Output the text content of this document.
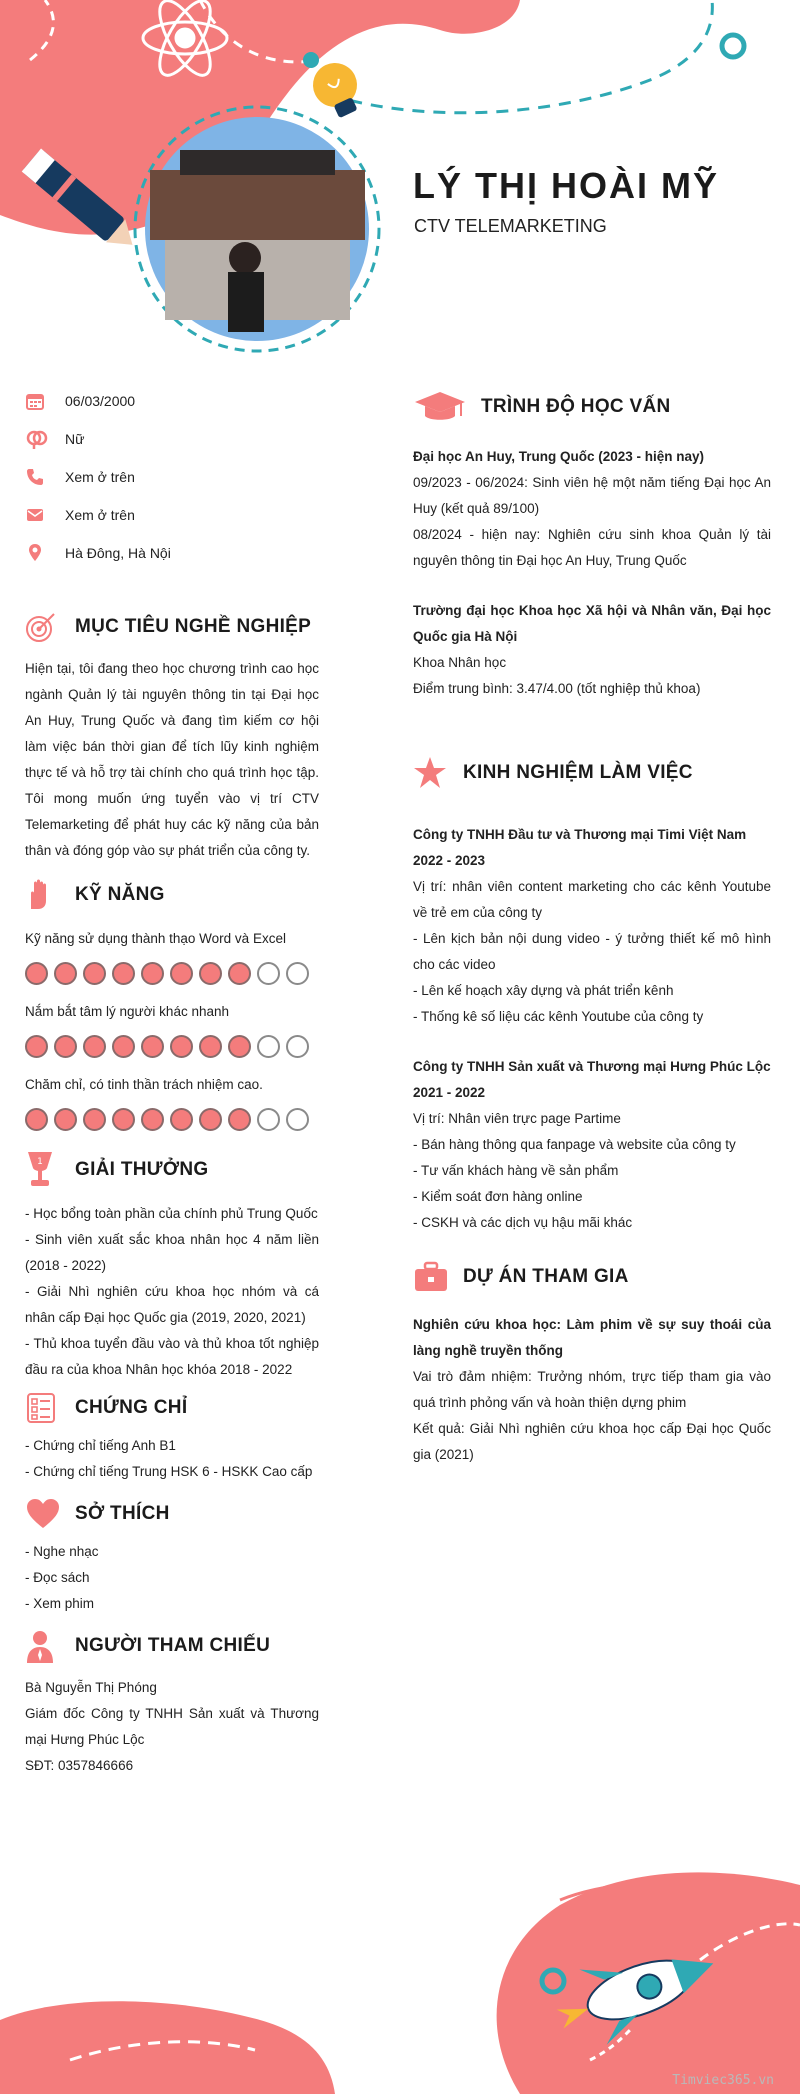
LÝ THỊ HOÀI MỸ
CTV TELEMARKETING
06/03/2000
Nữ
Xem ở trên
Xem ở trên
Hà Đông, Hà Nội
MỤC TIÊU NGHỀ NGHIỆP

Hiện tại, tôi đang theo học chương trình cao học ngành Quản lý tài nguyên thông tin tại Đại học An Huy, Trung Quốc và đang tìm kiếm cơ hội làm việc bán thời gian để tích lũy kinh nghiệm thực tế và hỗ trợ tài chính cho quá trình học tập. Tôi mong muốn ứng tuyển vào vị trí CTV Telemarketing để phát huy các kỹ năng của bản thân và đóng góp vào sự phát triển của công ty.

KỸ NĂNG
Kỹ năng sử dụng thành thạo Word và Excel
Nắm bắt tâm lý người khác nhanh
Chăm chỉ, có tinh thần trách nhiệm cao.
1 GIẢI THƯỞNG

- Học bổng toàn phần của chính phủ Trung Quốc

- Sinh viên xuất sắc khoa nhân học 4 năm liền (2018 - 2022)

- Giải Nhì nghiên cứu khoa học nhóm và cá nhân cấp Đại học Quốc gia (2019, 2020, 2021)

- Thủ khoa tuyển đầu vào và thủ khoa tốt nghiệp đầu ra của khoa Nhân học khóa 2018 - 2022

CHỨNG CHỈ

- Chứng chỉ tiếng Anh B1

- Chứng chỉ tiếng Trung HSK 6 - HSKK Cao cấp

SỞ THÍCH

- Nghe nhạc

- Đọc sách

- Xem phim

NGƯỜI THAM CHIẾU

Bà Nguyễn Thị Phóng

Giám đốc Công ty TNHH Sản xuất và Thương mại Hưng Phúc Lộc

SĐT: 0357846666

TRÌNH ĐỘ HỌC VẤN

Đại học An Huy, Trung Quốc (2023 - hiện nay)

09/2023 - 06/2024: Sinh viên hệ một năm tiếng Đại học An Huy (kết quả 89/100)

08/2024 - hiện nay: Nghiên cứu sinh khoa Quản lý tài nguyên thông tin Đại học An Huy, Trung Quốc

Trường đại học Khoa học Xã hội và Nhân văn, Đại học Quốc gia Hà Nội

Khoa Nhân học

Điểm trung bình: 3.47/4.00 (tốt nghiệp thủ khoa)

KINH NGHIỆM LÀM VIỆC

Công ty TNHH Đầu tư và Thương mại Timi Việt Nam

2022 - 2023

Vị trí: nhân viên content marketing cho các kênh Youtube về trẻ em của công ty

- Lên kịch bản nội dung video - ý tưởng thiết kế mô hình cho các video

- Lên kế hoạch xây dựng và phát triển kênh

- Thống kê số liệu các kênh Youtube của công ty

Công ty TNHH Sản xuất và Thương mại Hưng Phúc Lộc

2021 - 2022

Vị trí: Nhân viên trực page Partime

- Bán hàng thông qua fanpage và website của công ty

- Tư vấn khách hàng về sản phẩm

- Kiểm soát đơn hàng online

- CSKH và các dịch vụ hậu mãi khác

DỰ ÁN THAM GIA

Nghiên cứu khoa học: Làm phim về sự suy thoái của làng nghề truyền thống

Vai trò đảm nhiệm: Trưởng nhóm, trực tiếp tham gia vào quá trình phỏng vấn và hoàn thiện dựng phim

Kết quả: Giải Nhì nghiên cứu khoa học cấp Đại học Quốc gia (2021)

Timviec365.vn
